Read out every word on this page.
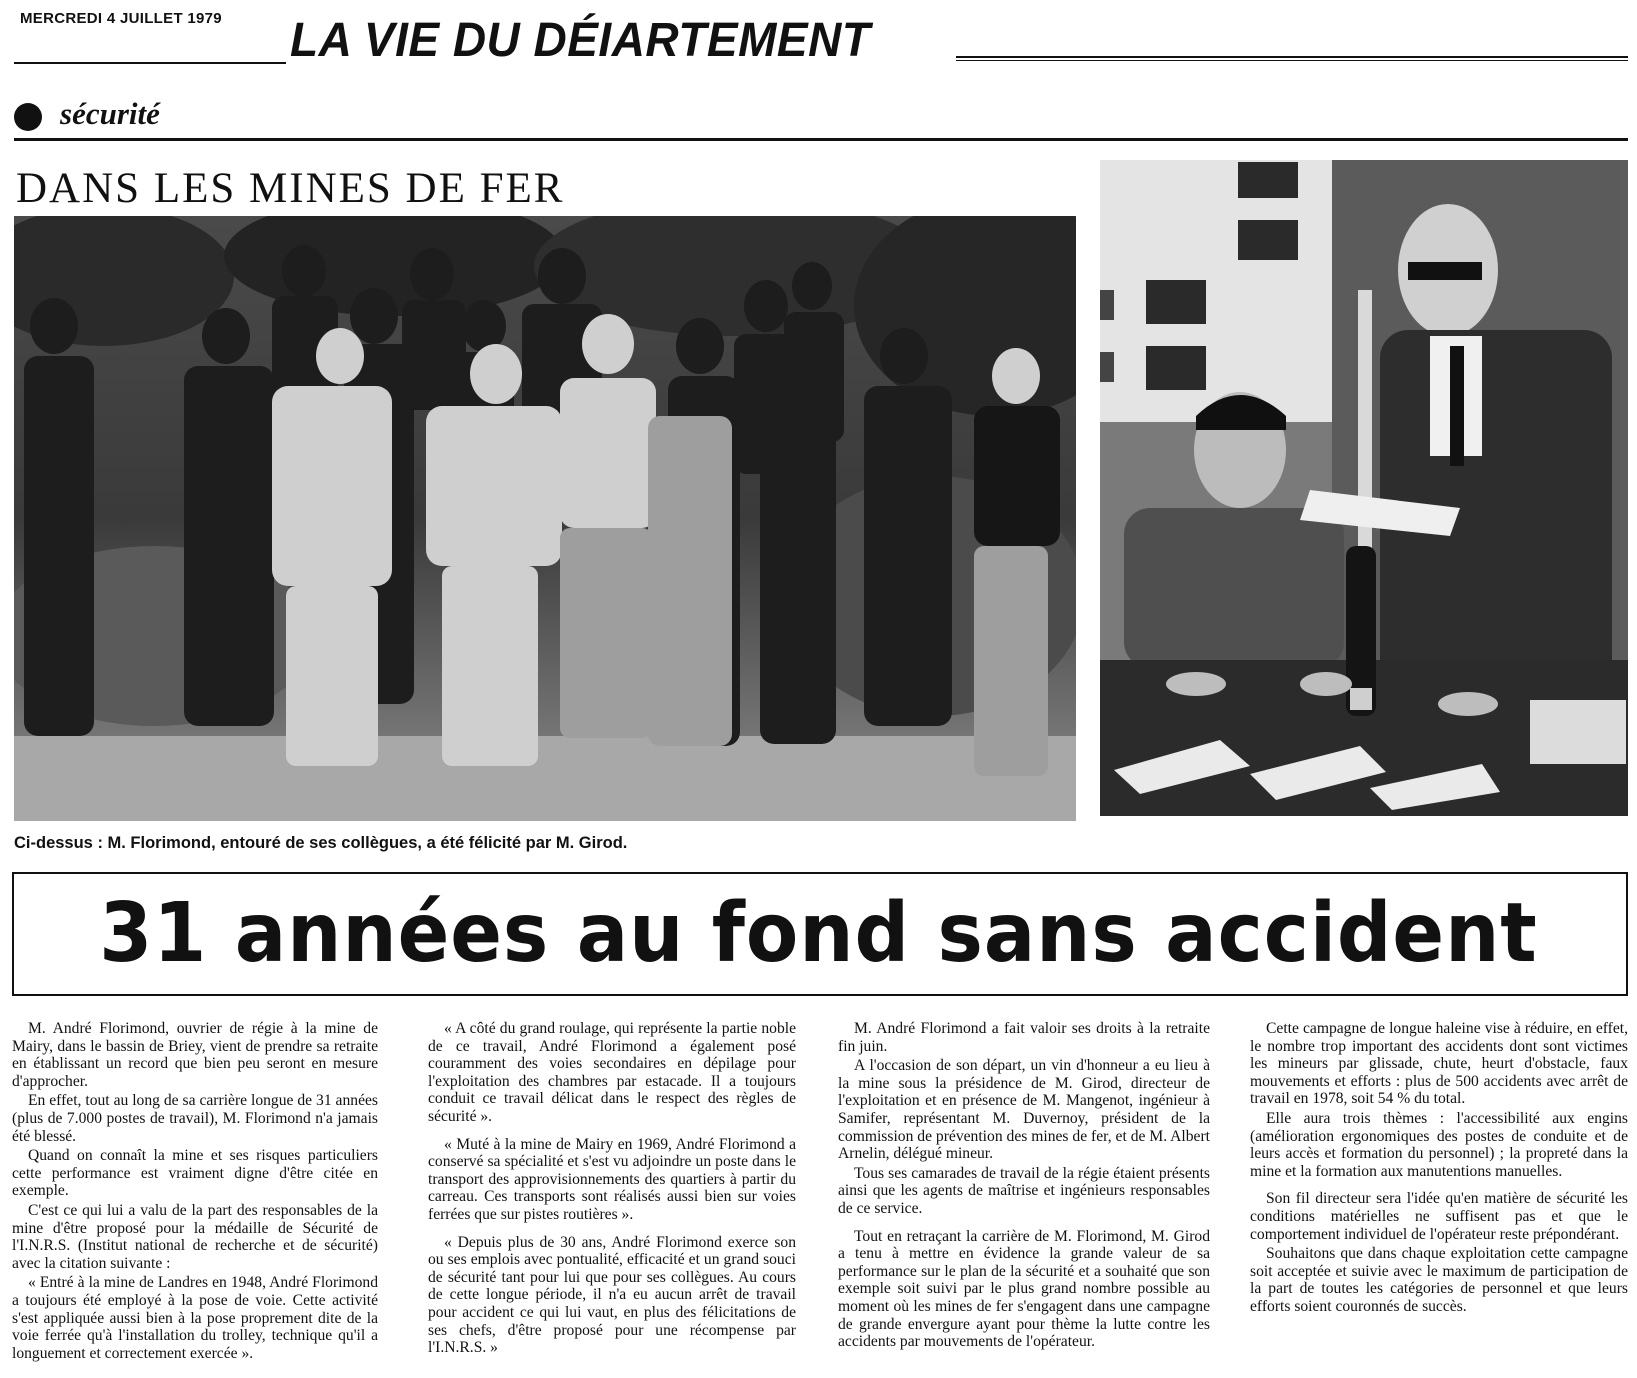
MERCREDI 4 JUILLET 1979 LA VIE DU DÉIARTEMENT
sécurité
DANS LES MINES DE FER
Ci-dessus : M. Florimond, entouré de ses collègues, a été félicité par M. Girod.
31 années au fond sans accident

M. André Florimond, ouvrier de régie à la mine de Mairy, dans le bassin de Briey, vient de prendre sa retraite en établissant un record que bien peu seront en mesure d'approcher.

En effet, tout au long de sa carrière longue de 31 années (plus de 7.000 postes de travail), M. Florimond n'a jamais été blessé.

Quand on connaît la mine et ses risques particuliers cette performance est vraiment digne d'être citée en exemple.

C'est ce qui lui a valu de la part des responsables de la mine d'être proposé pour la médaille de Sécurité de l'I.N.R.S. (Institut national de recherche et de sécurité) avec la citation suivante :

« Entré à la mine de Landres en 1948, André Florimond a toujours été employé à la pose de voie. Cette activité s'est appliquée aussi bien à la pose proprement dite de la voie ferrée qu'à l'installation du trolley, technique qu'il a longuement et correctement exercée ».

« A côté du grand roulage, qui représente la partie noble de ce travail, André Florimond a également posé couramment des voies secondaires en dépilage pour l'exploitation des chambres par estacade. Il a toujours conduit ce travail délicat dans le respect des règles de sécurité ».

« Muté à la mine de Mairy en 1969, André Florimond a conservé sa spécialité et s'est vu adjoindre un poste dans le transport des approvisionnements des quartiers à partir du carreau. Ces transports sont réalisés aussi bien sur voies ferrées que sur pistes routières ».

« Depuis plus de 30 ans, André Florimond exerce son ou ses emplois avec pontualité, efficacité et un grand souci de sécurité tant pour lui que pour ses collègues. Au cours de cette longue période, il n'a eu aucun arrêt de travail pour accident ce qui lui vaut, en plus des félicitations de ses chefs, d'être proposé pour une récompense par l'I.N.R.S. »

M. André Florimond a fait valoir ses droits à la retraite fin juin.

A l'occasion de son départ, un vin d'honneur a eu lieu à la mine sous la présidence de M. Girod, directeur de l'exploitation et en présence de M. Mangenot, ingénieur à Samifer, représentant M. Duvernoy, président de la commission de prévention des mines de fer, et de M. Albert Arnelin, délégué mineur.

Tous ses camarades de travail de la régie étaient présents ainsi que les agents de maîtrise et ingénieurs responsables de ce service.

Tout en retraçant la carrière de M. Florimond, M. Girod a tenu à mettre en évidence la grande valeur de sa performance sur le plan de la sécurité et a souhaité que son exemple soit suivi par le plus grand nombre possible au moment où les mines de fer s'engagent dans une campagne de grande envergure ayant pour thème la lutte contre les accidents par mouvements de l'opérateur.

Cette campagne de longue haleine vise à réduire, en effet, le nombre trop important des accidents dont sont victimes les mineurs par glissade, chute, heurt d'obstacle, faux mouvements et efforts : plus de 500 accidents avec arrêt de travail en 1978, soit 54 % du total.

Elle aura trois thèmes : l'accessibilité aux engins (amélioration ergonomiques des postes de conduite et de leurs accès et formation du personnel) ; la propreté dans la mine et la formation aux manutentions manuelles.

Son fil directeur sera l'idée qu'en matière de sécurité les conditions matérielles ne suffisent pas et que le comportement individuel de l'opérateur reste prépondérant.

Souhaitons que dans chaque exploitation cette campagne soit acceptée et suivie avec le maximum de participation de la part de toutes les catégories de personnel et que leurs efforts soient couronnés de succès.
